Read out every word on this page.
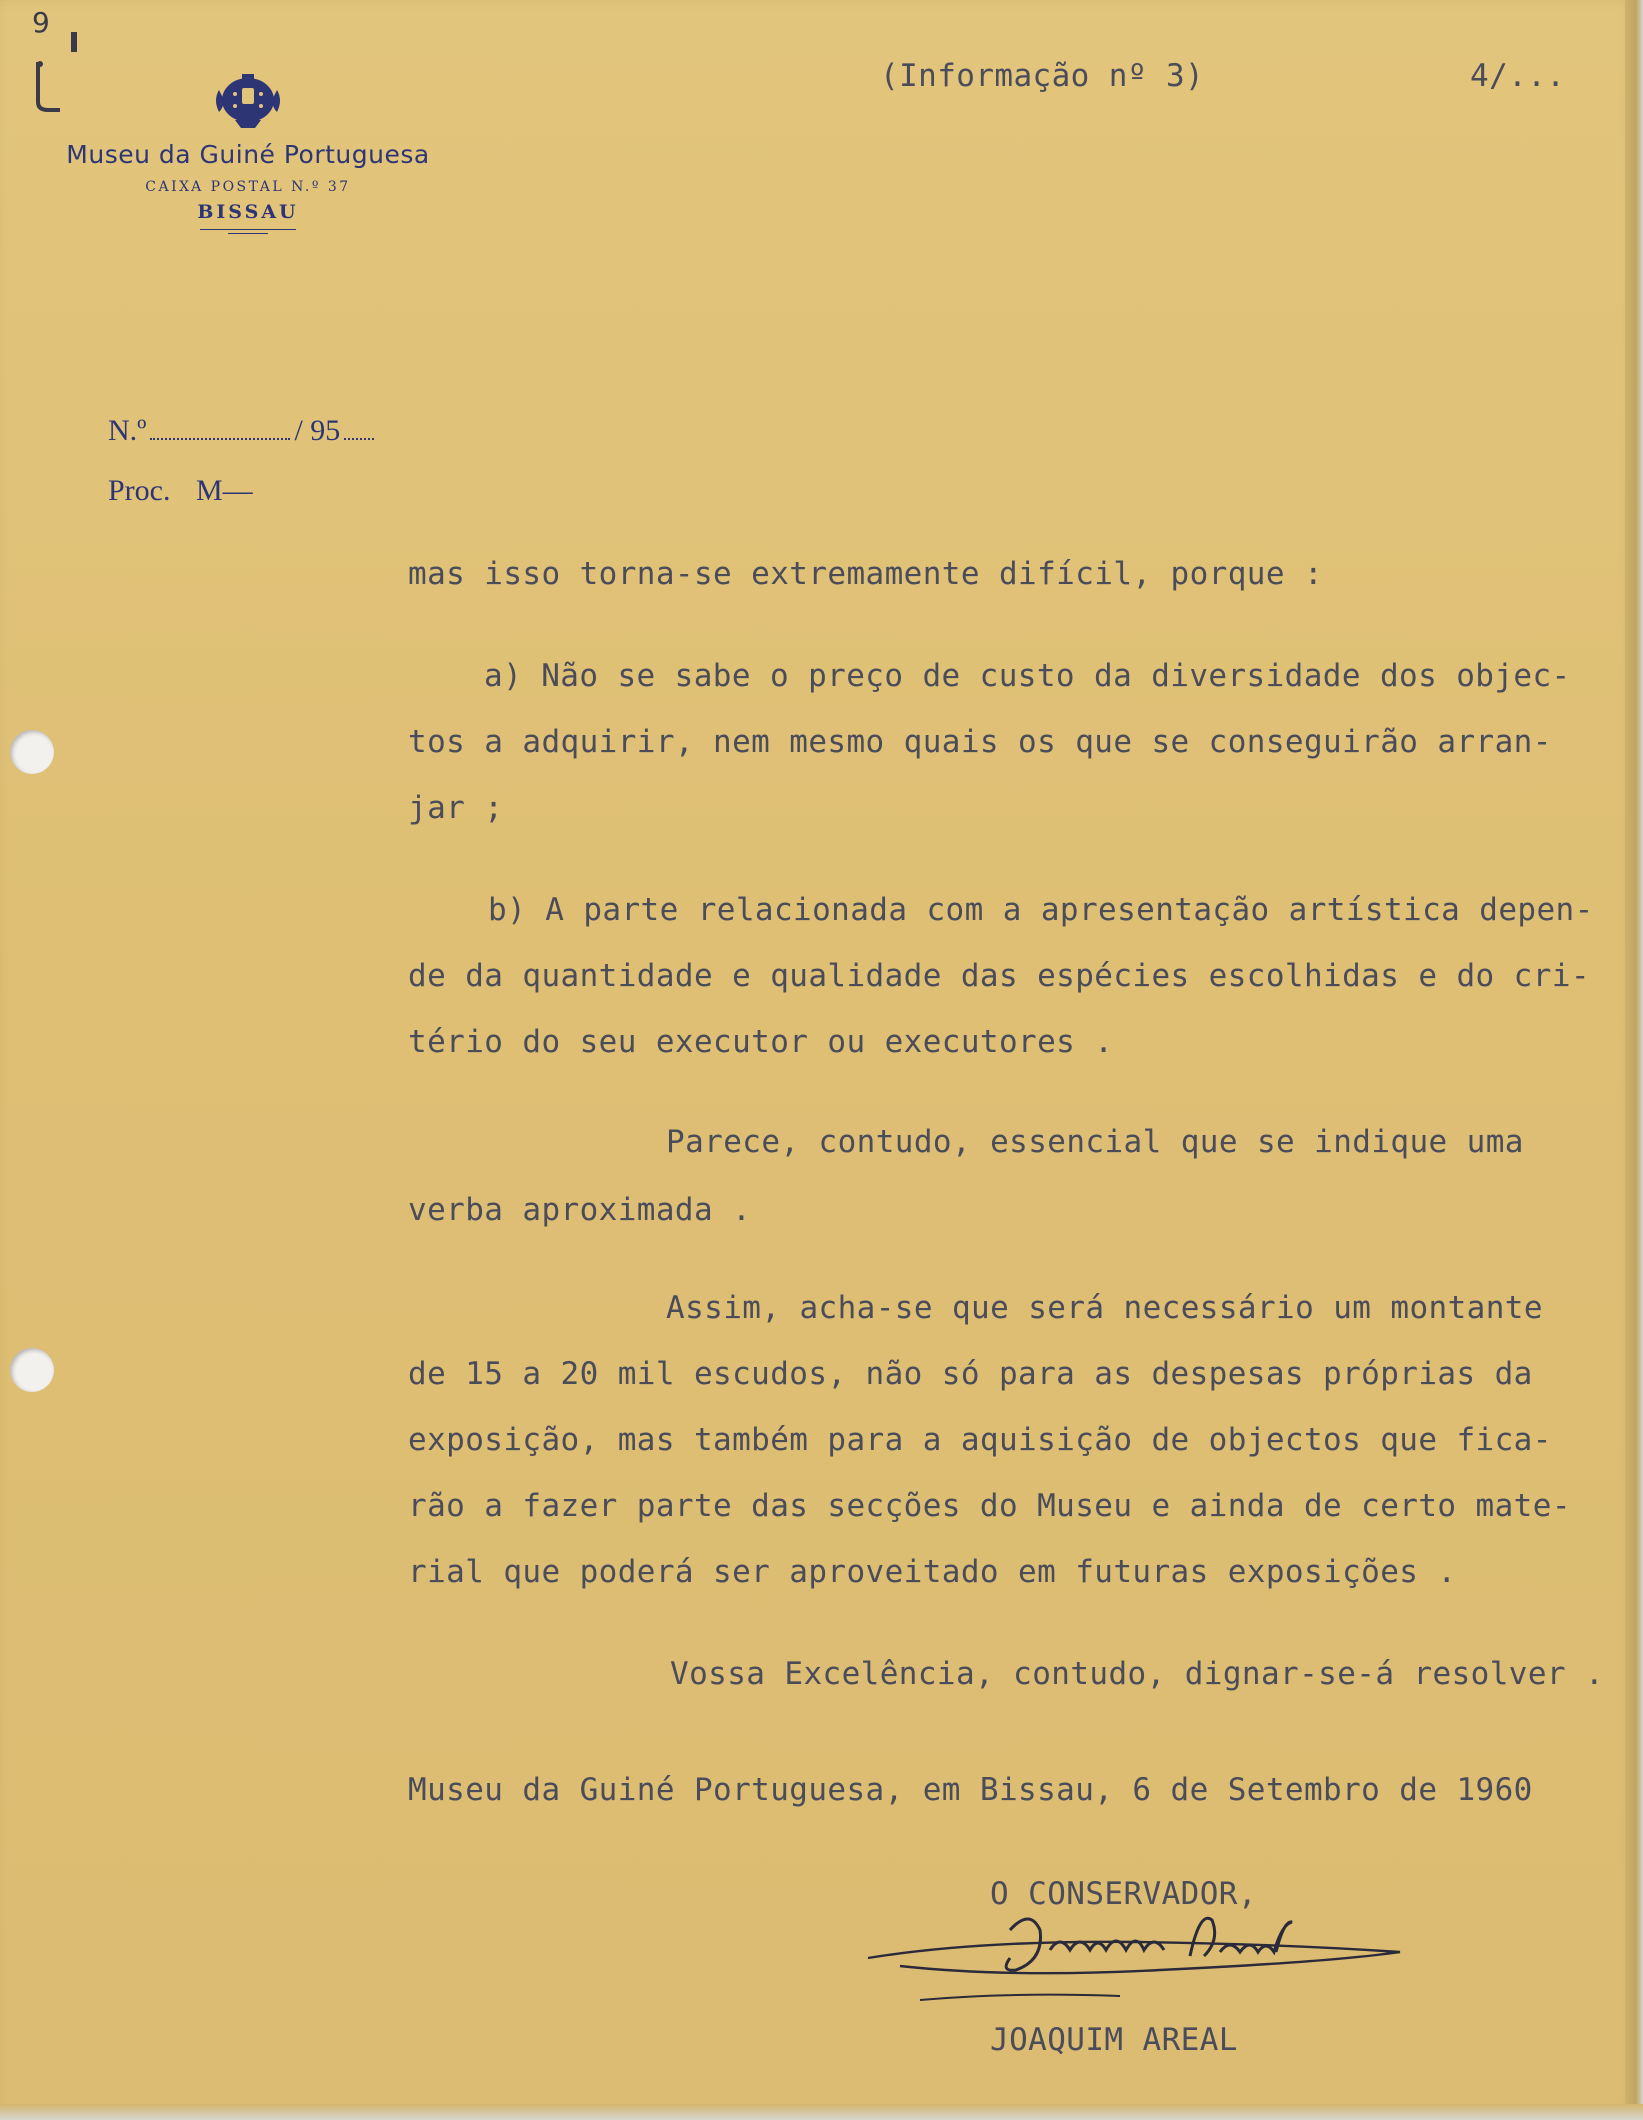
9
Museu da Guiné Portuguesa
CAIXA POSTAL N.º 37
BISSAU
(Informação nº 3)	4/...
N.º	/ 95
Proc. M—
mas isso torna-se extremamente difícil, porque :
a) Não se sabe o preço de custo da diversidade dos objec-
tos a adquirir, nem mesmo quais os que se conseguirão arran-
jar ;
b) A parte relacionada com a apresentação artística depen-
de da quantidade e qualidade das espécies escolhidas e do cri-
tério do seu executor ou executores .
Parece, contudo, essencial que se indique uma
verba aproximada .
Assim, acha-se que será necessário um montante
de 15 a 20 mil escudos, não só para as despesas próprias da
exposição, mas também para a aquisição de objectos que fica-
rão a fazer parte das secções do Museu e ainda de certo mate-
rial que poderá ser aproveitado em futuras exposições .
Vossa Excelência, contudo, dignar-se-á resolver .
Museu da Guiné Portuguesa, em Bissau, 6 de Setembro de 1960
O CONSERVADOR,
JOAQUIM AREAL
